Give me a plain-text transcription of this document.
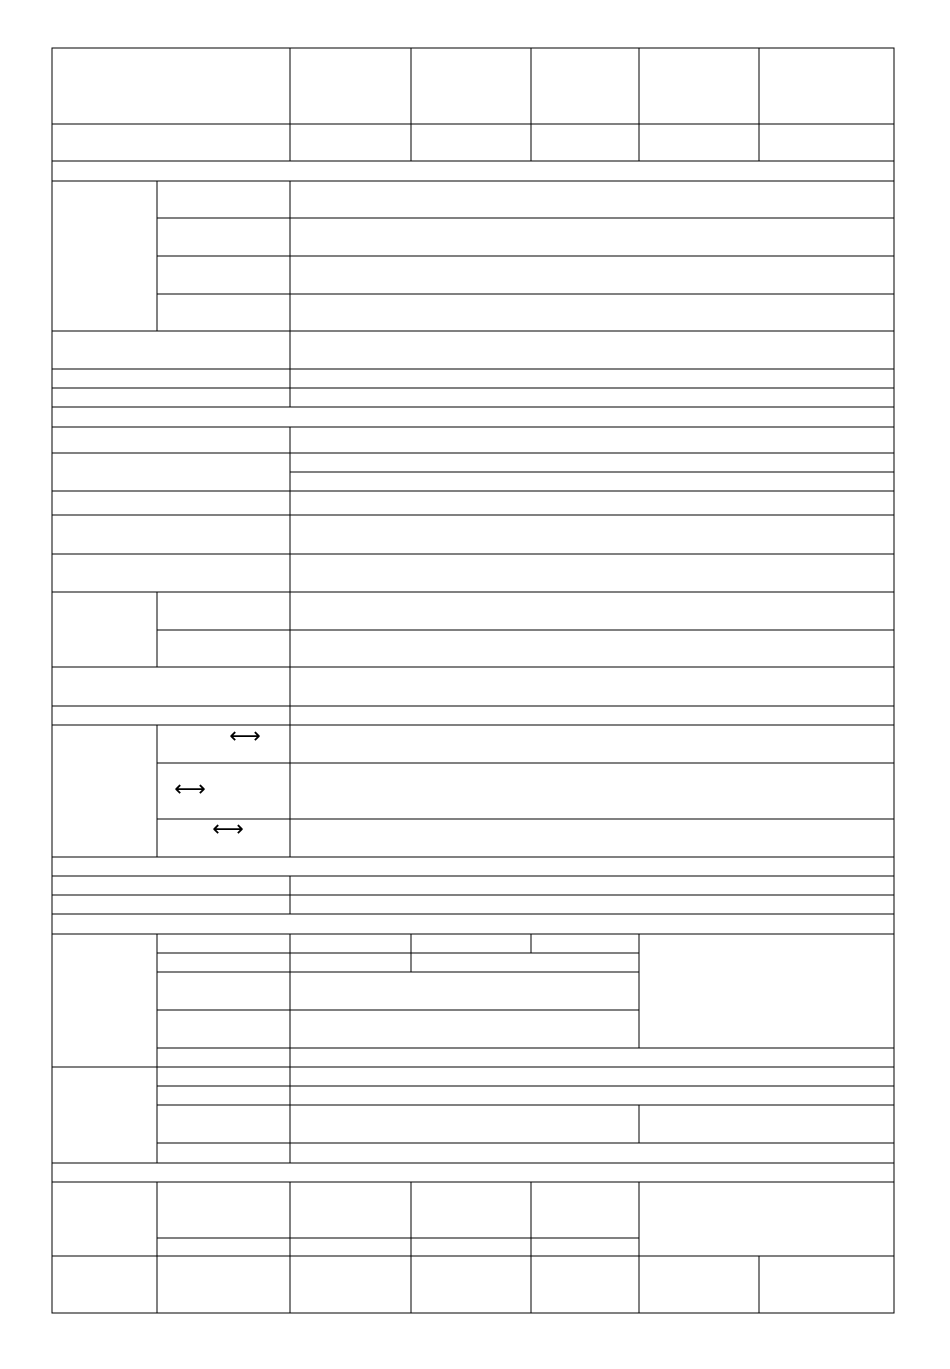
⟷
⟷
⟷
